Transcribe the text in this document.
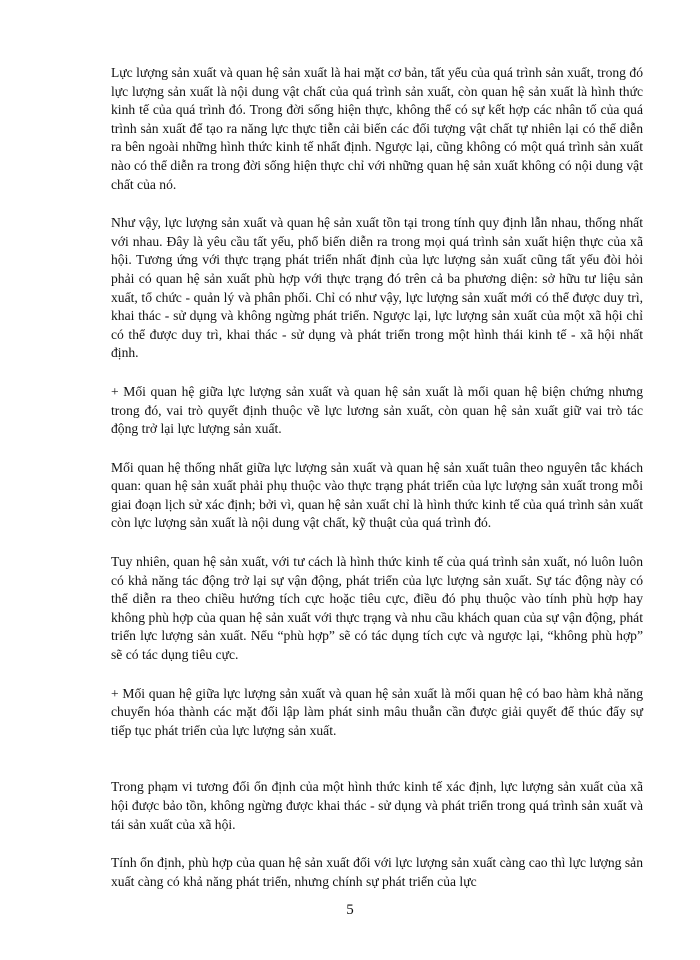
Lực lượng sản xuất và quan hệ sản xuất là hai mặt cơ bản, tất yếu của quá trình sản xuất, trong đó lực lượng sản xuất là nội dung vật chất của quá trình sản xuất, còn quan hệ sản xuất là hình thức kinh tế của quá trình đó. Trong đời sống hiện thực, không thể có sự kết hợp các nhân tố của quá trình sản xuất để tạo ra năng lực thực tiễn cải biến các đối tượng vật chất tự nhiên lại có thể diễn ra bên ngoài những hình thức kinh tế nhất định. Ngược lại, cũng không có một quá trình sản xuất nào có thể diễn ra trong đời sống hiện thực chỉ với những quan hệ sản xuất không có nội dung vật chất của nó.

Như vậy, lực lượng sản xuất và quan hệ sản xuất tồn tại trong tính quy định lẫn nhau, thống nhất với nhau. Đây là yêu cầu tất yếu, phổ biến diễn ra trong mọi quá trình sản xuất hiện thực của xã hội. Tương ứng với thực trạng phát triển nhất định của lực lượng sản xuất cũng tất yếu đòi hỏi phải có quan hệ sản xuất phù hợp với thực trạng đó trên cả ba phương diện: sở hữu tư liệu sản xuất, tổ chức - quản lý và phân phối. Chỉ có như vậy, lực lượng sản xuất mới có thể được duy trì, khai thác - sử dụng và không ngừng phát triển. Ngược lại, lực lượng sản xuất của một xã hội chỉ có thể được duy trì, khai thác - sử dụng và phát triển trong một hình thái kinh tế - xã hội nhất định.

+ Mối quan hệ giữa lực lượng sản xuất và quan hệ sản xuất là mối quan hệ biện chứng nhưng trong đó, vai trò quyết định thuộc về lực lương sản xuất, còn quan hệ sản xuất giữ vai trò tác động trở lại lực lượng sản xuất.

Mối quan hệ thống nhất giữa lực lượng sản xuất và quan hệ sản xuất tuân theo nguyên tắc khách quan: quan hệ sản xuất phải phụ thuộc vào thực trạng phát triển của lực lượng sản xuất trong mỗi giai đoạn lịch sử xác định; bởi vì, quan hệ sản xuất chỉ là hình thức kinh tế của quá trình sản xuất còn lực lượng sản xuất là nội dung vật chất, kỹ thuật của quá trình đó.

Tuy nhiên, quan hệ sản xuất, với tư cách là hình thức kinh tế của quá trình sản xuất, nó luôn luôn có khả năng tác động trở lại sự vận động, phát triển của lực lượng sản xuất. Sự tác động này có thể diễn ra theo chiều hướng tích cực hoặc tiêu cực, điều đó phụ thuộc vào tính phù hợp hay không phù hợp của quan hệ sản xuất với thực trạng và nhu cầu khách quan của sự vận động, phát triển lực lượng sản xuất. Nếu “phù hợp” sẽ có tác dụng tích cực và ngược lại, “không phù hợp” sẽ có tác dụng tiêu cực.

+ Mối quan hệ giữa lực lượng sản xuất và quan hệ sản xuất là mối quan hệ có bao hàm khả năng chuyển hóa thành các mặt đối lập làm phát sinh mâu thuẫn cần được giải quyết để thúc đẩy sự tiếp tục phát triển của lực lượng sản xuất.

Trong phạm vi tương đối ổn định của một hình thức kinh tế xác định, lực lượng sản xuất của xã hội được bảo tồn, không ngừng được khai thác - sử dụng và phát triển trong quá trình sản xuất và tái sản xuất của xã hội.

Tính ổn định, phù hợp của quan hệ sản xuất đối với lực lượng sản xuất càng cao thì lực lượng sản xuất càng có khả năng phát triển, nhưng chính sự phát triển của lực

5
